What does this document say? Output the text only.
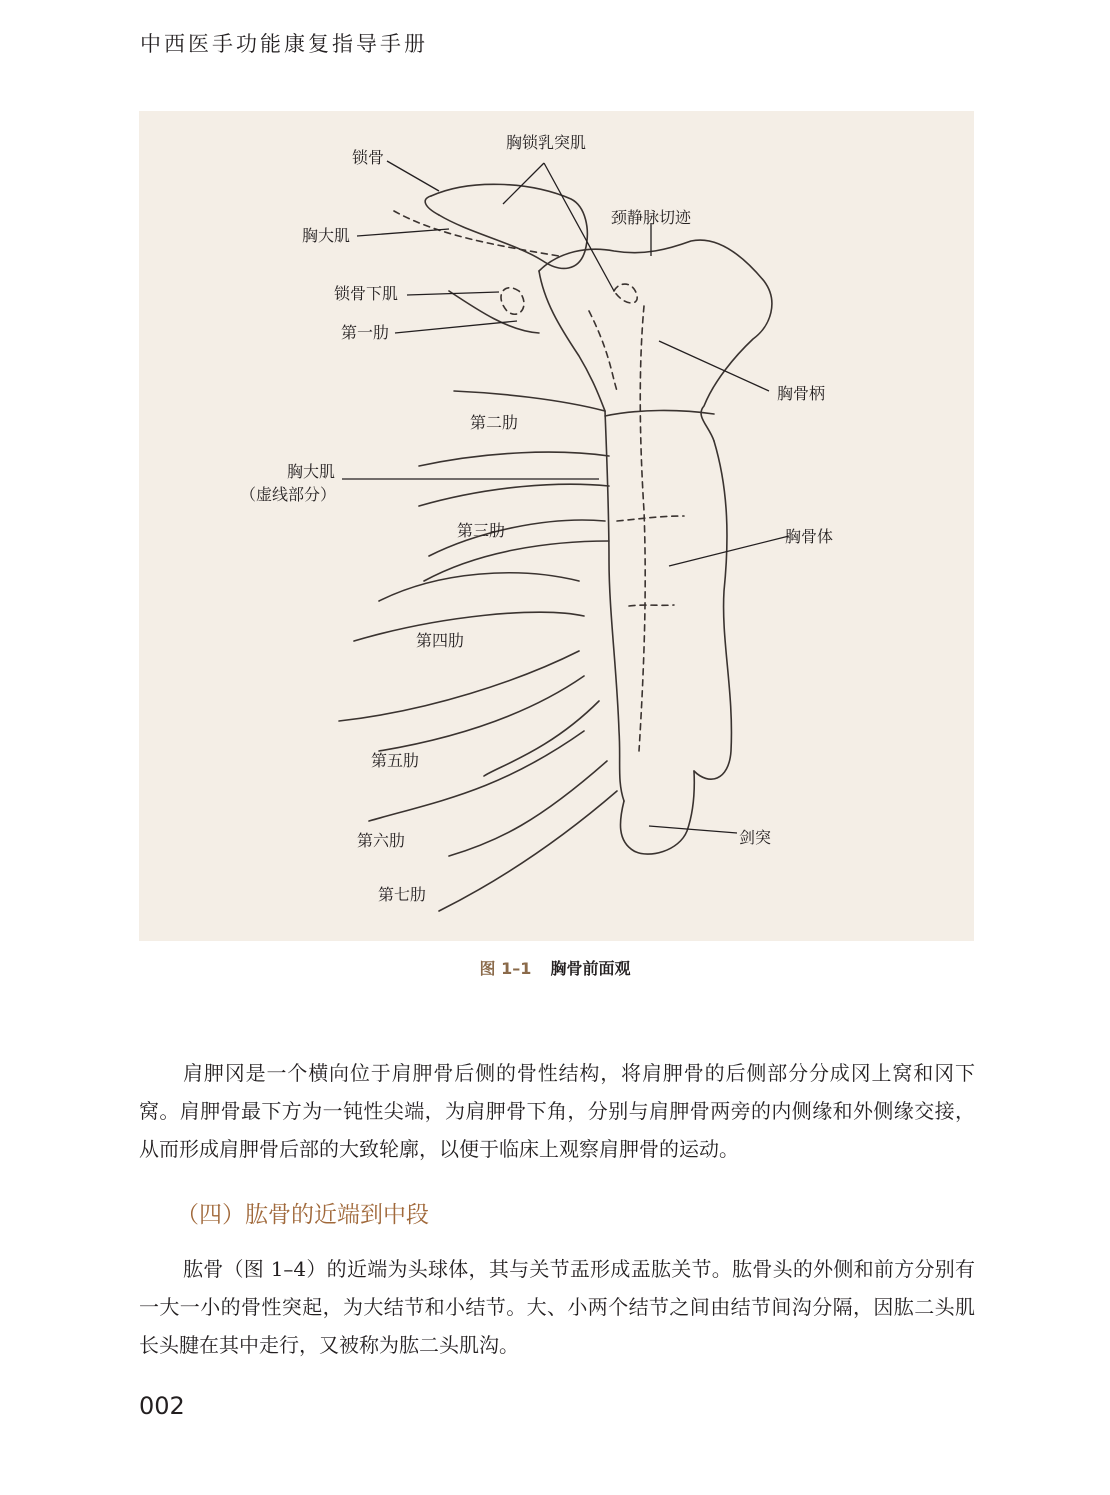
中西医手功能康复指导手册
锁骨
胸锁乳突肌
颈静脉切迹
胸大肌
锁骨下肌
第一肋
胸骨柄
第二肋
胸大肌
（虚线部分）
第三肋	胸骨体
第四肋
第五肋
第六肋	剑突
第七肋
图 1–1 胸骨前面观

肩胛冈是一个横向位于肩胛骨后侧的骨性结构，将肩胛骨的后侧部分分成冈上窝和冈下窝。肩胛骨最下方为一钝性尖端，为肩胛骨下角，分别与肩胛骨两旁的内侧缘和外侧缘交接，从而形成肩胛骨后部的大致轮廓，以便于临床上观察肩胛骨的运动。

（四）肱骨的近端到中段

肱骨（图 1–4）的近端为头球体，其与关节盂形成盂肱关节。肱骨头的外侧和前方分别有一大一小的骨性突起，为大结节和小结节。大、小两个结节之间由结节间沟分隔，因肱二头肌长头腱在其中走行，又被称为肱二头肌沟。

002
